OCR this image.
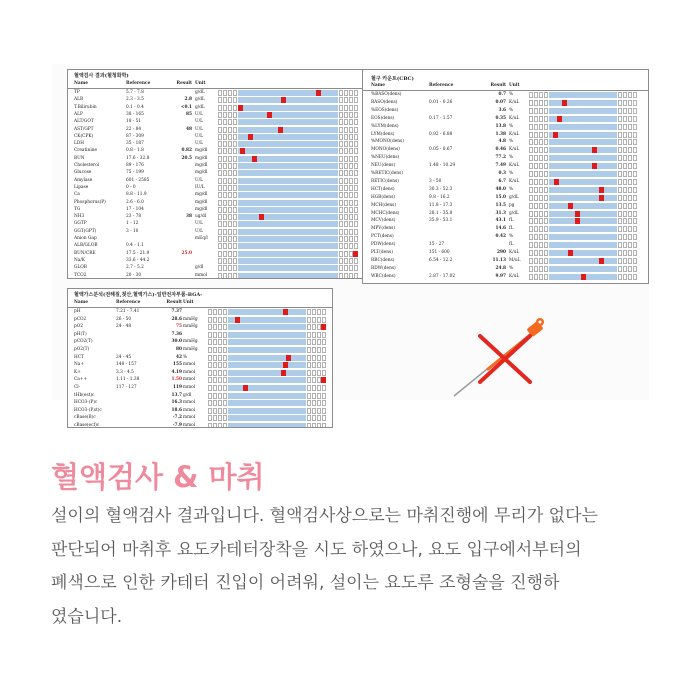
혈액검사 결과(혈청화학)
Name	Reference	Result Unit
TP	5.7 - 7.8	g/dL
ALB	2.3 - 3.5	2.8 g/dL
T.Bilirubin	0.1 - 0.4	<0.1 g/dL
ALP	38 - 165	85 U/L
ALT/GOT	18 - 51	U/L
AST/GPT	22 - 84	48 U/L
CK(CPK)	87 - 309	U/L
LDH	35 - 187	U/L
Creatinine	0.8 - 1.8	0.82 mg/dl
BUN	17.6 - 32.8	20.5 mg/dl
Cholesterol	89 - 176	mg/dl
Glucose	75 - 199	mg/dl
Amylase	601 - 2585	U/L
Lipase	0 - 0	IU/L
Ca	8.8 - 11.9	mg/dl
Phosphorus(P)	2.6 - 6.0	mg/dl
TG	17 - 104	mg/dl
NH3	23 - 78	38 ug/dl
GGTP	1 - 12	U/L
GGT(GPT)	3 - 10	U/L
Anion Gap	mEq/l
ALB/GLOB	0.4 - 1.1
BUN/CRE	17.5 - 21.9	25.0
Na/K	33.6 - 44.2
GLOB	2.7 - 5.2	g/dl
TCO2	20 - 30	mmol
혈구 카운트(CBC)
Name	Reference	Result Unit
%BASO(dens)	0.7 %
BASO(dens)	0.01 - 0.26	0.07 K/uL
%EOS(dens)	3.6 %
EOS(dens)	0.17 - 1.57	0.35 K/uL
%LYM(dens)	13.8 %
LYM(dens)	0.92 - 6.88	1.38 K/uL
%MONO(dens)	4.8 %
MONO(dens)	0.05 - 0.67	0.46 K/uL
%NEU(dens)	77.2 %
NEU(dens)	1.48 - 10.29	7.49 K/uL
%RETIC(dens)	0.3 %
RETIC(dens)	3 - 50	6.7 K/uL
HCT(dens)	30.3 - 52.3	48.0 %
HGB(dens)	9.8 - 16.2	15.0 g/dL
MCH(dens)	11.8 - 17.3	13.5 pg
MCHC(dens)	28.1 - 35.8	31.3 g/dL
MCV(dens)	35.9 - 53.1	43.1 fL
MPV(dens)	14.6 fL
PCT(dens)	0.42 %
PDW(dens)	15 - 27	fL
PLT(dens)	151 - 600	290 K/uL
RBC(dens)	6.54 - 12.2	11.13 M/uL
RDW(dens)	24.8 %
WBC(dens)	2.87 - 17.02	9.97 K/uL
혈액가스분석(전해질,젖산,혈액가스)-일반전자부품-BGA-
Name	Reference	Result Unit
pH	7.21 - 7.41	7.37
pCO2	26 - 50	28.6 mmHg
pO2	24 - 48	75 mmHg
pH(T)	7.36
pCO2(T)	30.0 mmHg
pO2(T)	80 mmHg
HCT	24 - 45	42 %
Na+	148 - 157	155 mmol
K+	3.3 - 4.5	4.19 mmol
Ca++	1.11 - 1.38	1.50 mmol
Cl-	117 - 127	119 mmol
tHb(est)c	13.7 g/dl
HCO3-(P)c	16.3 mmol
HCO3-(P,st)c	18.6 mmol
cBase(B)c	-7.2 mmol
cBase(ecf)c	-7.9 mmol
혈액검사 & 마취
설이의 혈액검사 결과입니다. 혈액검사상으로는 마취진행에 무리가 없다는
판단되어 마취후 요도카테터장착을 시도 하였으나, 요도 입구에서부터의
폐색으로 인한 카테터 진입이 어려워, 설이는 요도루 조형술을 진행하
였습니다.
